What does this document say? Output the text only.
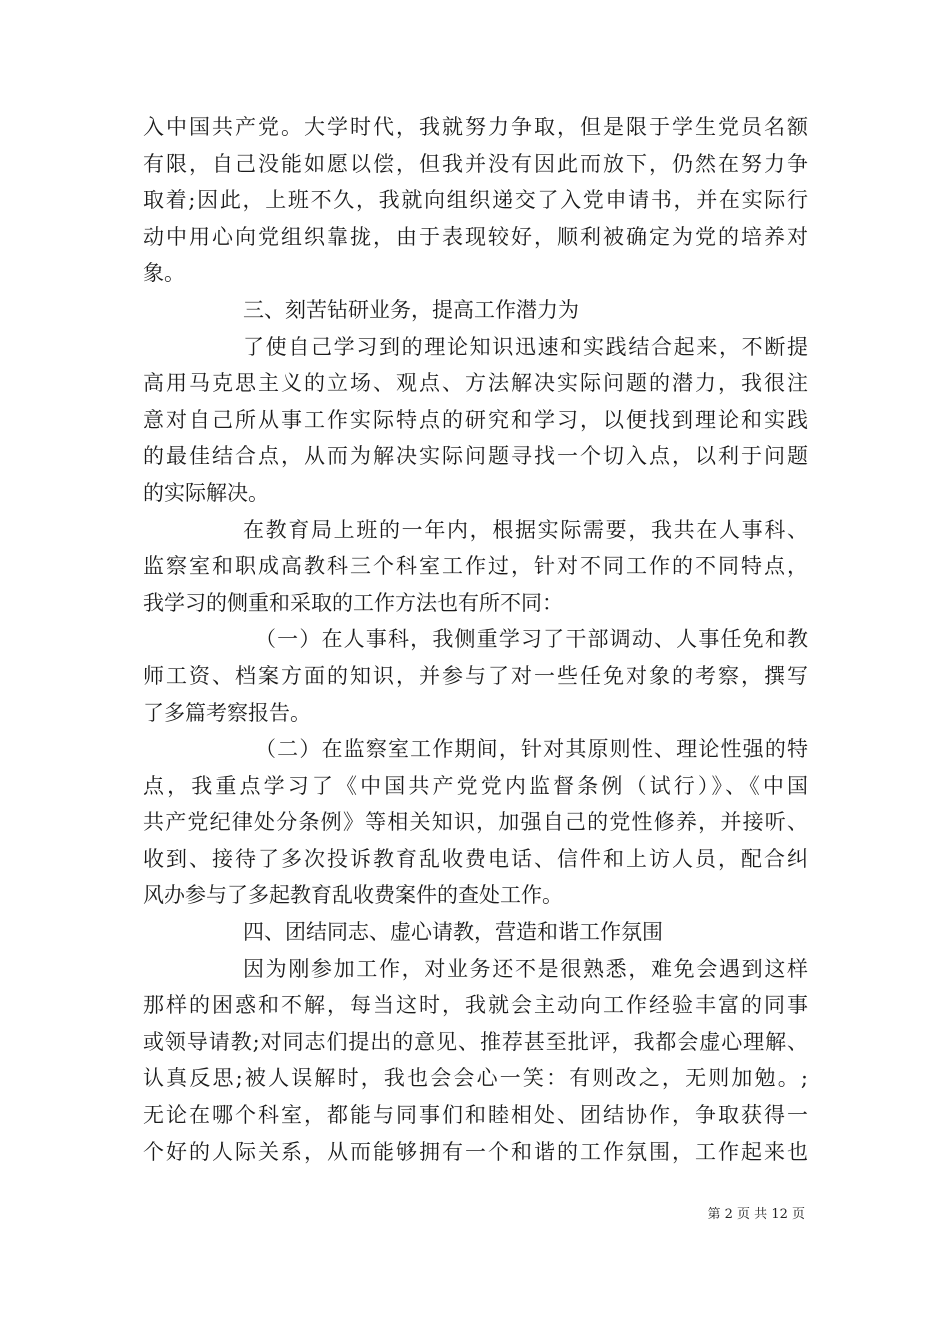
入中国共产党。大学时代，我就努力争取，但是限于学生党员名额
有限，自己没能如愿以偿，但我并没有因此而放下，仍然在努力争
取着;因此，上班不久，我就向组织递交了入党申请书，并在实际行
动中用心向党组织靠拢，由于表现较好，顺利被确定为党的培养对
象。
三、刻苦钻研业务，提高工作潜力为
了使自己学习到的理论知识迅速和实践结合起来，不断提
高用马克思主义的立场、观点、方法解决实际问题的潜力，我很注
意对自己所从事工作实际特点的研究和学习，以便找到理论和实践
的最佳结合点，从而为解决实际问题寻找一个切入点，以利于问题
的实际解决。
在教育局上班的一年内，根据实际需要，我共在人事科、
监察室和职成高教科三个科室工作过，针对不同工作的不同特点，
我学习的侧重和采取的工作方法也有所不同：
（一）在人事科，我侧重学习了干部调动、人事任免和教
师工资、档案方面的知识，并参与了对一些任免对象的考察，撰写
了多篇考察报告。
（二）在监察室工作期间，针对其原则性、理论性强的特
点，我重点学习了《中国共产党党内监督条例（试行）》、《中国
共产党纪律处分条例》等相关知识，加强自己的党性修养，并接听、
收到、接待了多次投诉教育乱收费电话、信件和上访人员，配合纠
风办参与了多起教育乱收费案件的查处工作。
四、团结同志、虚心请教，营造和谐工作氛围
因为刚参加工作，对业务还不是很熟悉，难免会遇到这样
那样的困惑和不解，每当这时，我就会主动向工作经验丰富的同事
或领导请教;对同志们提出的意见、推荐甚至批评，我都会虚心理解、
认真反思;被人误解时，我也会会心一笑：有则改之，无则加勉。;
无论在哪个科室，都能与同事们和睦相处、团结协作，争取获得一
个好的人际关系，从而能够拥有一个和谐的工作氛围，工作起来也
第 2 页 共 12 页
